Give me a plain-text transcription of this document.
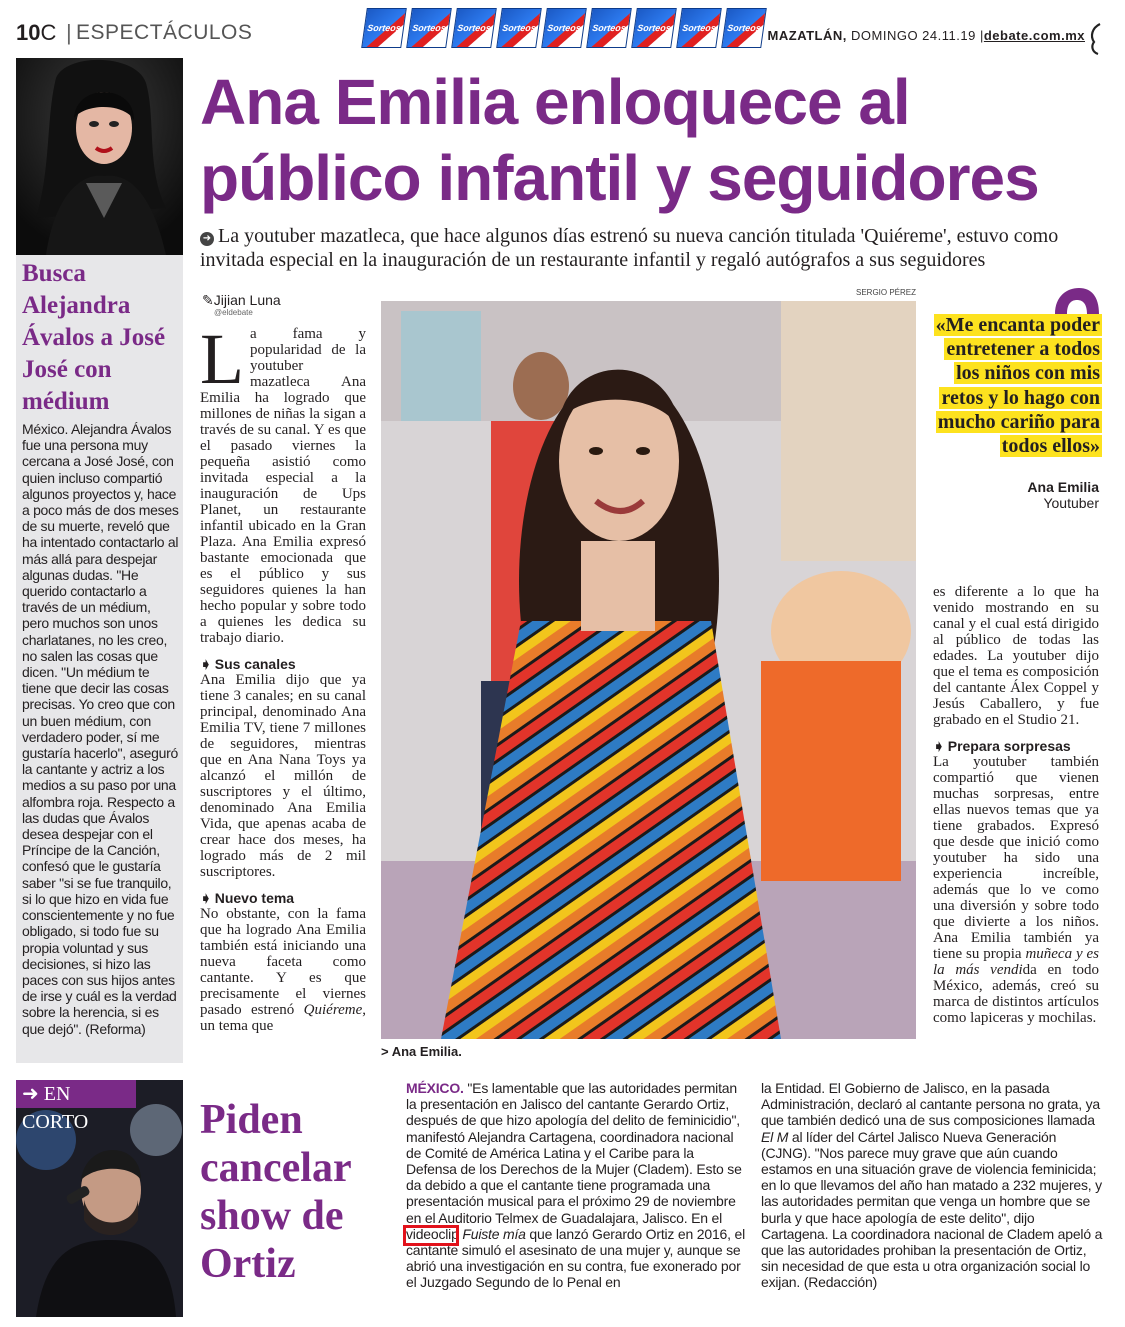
10C | ESPECTÁCULOS	Sorteos	Sorteos	Sorteos	Sorteos	Sorteos	Sorteos	Sorteos	Sorteos	Sorteos MAZATLÁN, DOMINGO 24.11.19 |debate.com.mx
Busca Alejandra Ávalos a José José con médium
México. Alejandra Ávalos fue una persona muy cercana a José José, con quien incluso compartió algunos proyectos y, hace a poco más de dos meses de su muerte, reveló que ha intentado contactarlo al más allá para despejar algunas dudas. "He querido contactarlo a través de un médium, pero muchos son unos charlatanes, no les creo, no salen las cosas que dicen. "Un médium te tiene que decir las cosas precisas. Yo creo que con un buen médium, con verdadero poder, sí me gustaría hacerlo", aseguró la cantante y actriz a los medios a su paso por una alfombra roja. Respecto a las dudas que Ávalos desea despejar con el Príncipe de la Canción, confesó que le gustaría saber "si se fue tranquilo, si lo que hizo en vida fue conscientemente y no fue obligado, si todo fue su propia voluntad y sus decisiones, si hizo las paces con sus hijos antes de irse y cuál es la verdad sobre la herencia, si es que dejó". (Reforma)
Ana Emilia enloquece al público infantil y seguidores
➜ La youtuber mazatleca, que hace algunos días estrenó su nueva canción titulada 'Quiéreme', estuvo como invitada especial en la inauguración de un restaurante infantil y regaló autógrafos a sus seguidores
✎Jijian Luna
@eldebate
La fama y popularidad de la youtuber mazatleca Ana Emilia ha logrado que millones de niñas la sigan a través de su canal. Y es que el pasado viernes la pequeña asistió como invitada especial a la inauguración de Ups Planet, un restaurante infantil ubicado en la Gran Plaza. Ana Emilia expresó bastante emocionada que es el público y sus seguidores quienes la han hecho popular y sobre todo a quienes les dedica su trabajo diario.
➧ Sus canales
Ana Emilia dijo que ya tiene 3 canales; en su canal principal, denominado Ana Emilia TV, tiene 7 millones de seguidores, mientras que en Ana Nana Toys ya alcanzó el millón de suscriptores y el último, denominado Ana Emilia Vida, que apenas acaba de crear hace dos meses, ha logrado más de 2 mil suscriptores.
➧ Nuevo tema
No obstante, con la fama que ha logrado Ana Emilia también está iniciando una nueva faceta como cantante. Y es que precisamente el viernes pasado estrenó Quiéreme, un tema que
SERGIO PÉREZ
> Ana Emilia.
«Me encanta poder entretener a todos los niños con mis retos y lo hago con mucho cariño para todos ellos»
Ana Emilia
Youtuber
es diferente a lo que ha venido mostrando en su canal y el cual está dirigido al público de todas las edades. La youtuber dijo que el tema es composición del cantante Álex Coppel y Jesús Caballero, y fue grabado en el Studio 21.
➧ Prepara sorpresas
La youtuber también compartió que vienen muchas sorpresas, entre ellas nuevos temas que ya tiene grabados. Expresó que desde que inició como youtuber ha sido una experiencia increíble, además que lo ve como una diversión y sobre todo que divierte a los niños. Ana Emilia también ya tiene su propia muñeca y es la más vendida en todo México, además, creó su marca de distintos artículos como lapiceras y mochilas.
➜ EN CORTO	Piden cancelar show de Ortiz
MÉXICO. "Es lamentable que las autoridades permitan la presentación en Jalisco del cantante Gerardo Ortiz, después de que hizo apología del delito de feminicidio", manifestó Alejandra Cartagena, coordinadora nacional de Comité de América Latina y el Caribe para la Defensa de los Derechos de la Mujer (Cladem). Esto se da debido a que el cantante tiene programada una presentación musical para el próximo 29 de noviembre en el Auditorio Telmex de Guadalajara, Jalisco. En el videoclip Fuiste mía que lanzó Gerardo Ortiz en 2016, el cantante simuló el asesinato de una mujer y, aunque se abrió una investigación en su contra, fue exonerado por el Juzgado Segundo de lo Penal en
la Entidad. El Gobierno de Jalisco, en la pasada Administración, declaró al cantante persona no grata, ya que también dedicó una de sus composiciones llamada El M al líder del Cártel Jalisco Nueva Generación (CJNG). "Nos parece muy grave que aún cuando estamos en una situación grave de violencia feminicida; en lo que llevamos del año han matado a 232 mujeres, y las autoridades permitan que venga un hombre que se burla y que hace apología de este delito", dijo Cartagena. La coordinadora nacional de Cladem apeló a que las autoridades prohiban la presentación de Ortiz, sin necesidad de que esta u otra organización social lo exijan. (Redacción)
